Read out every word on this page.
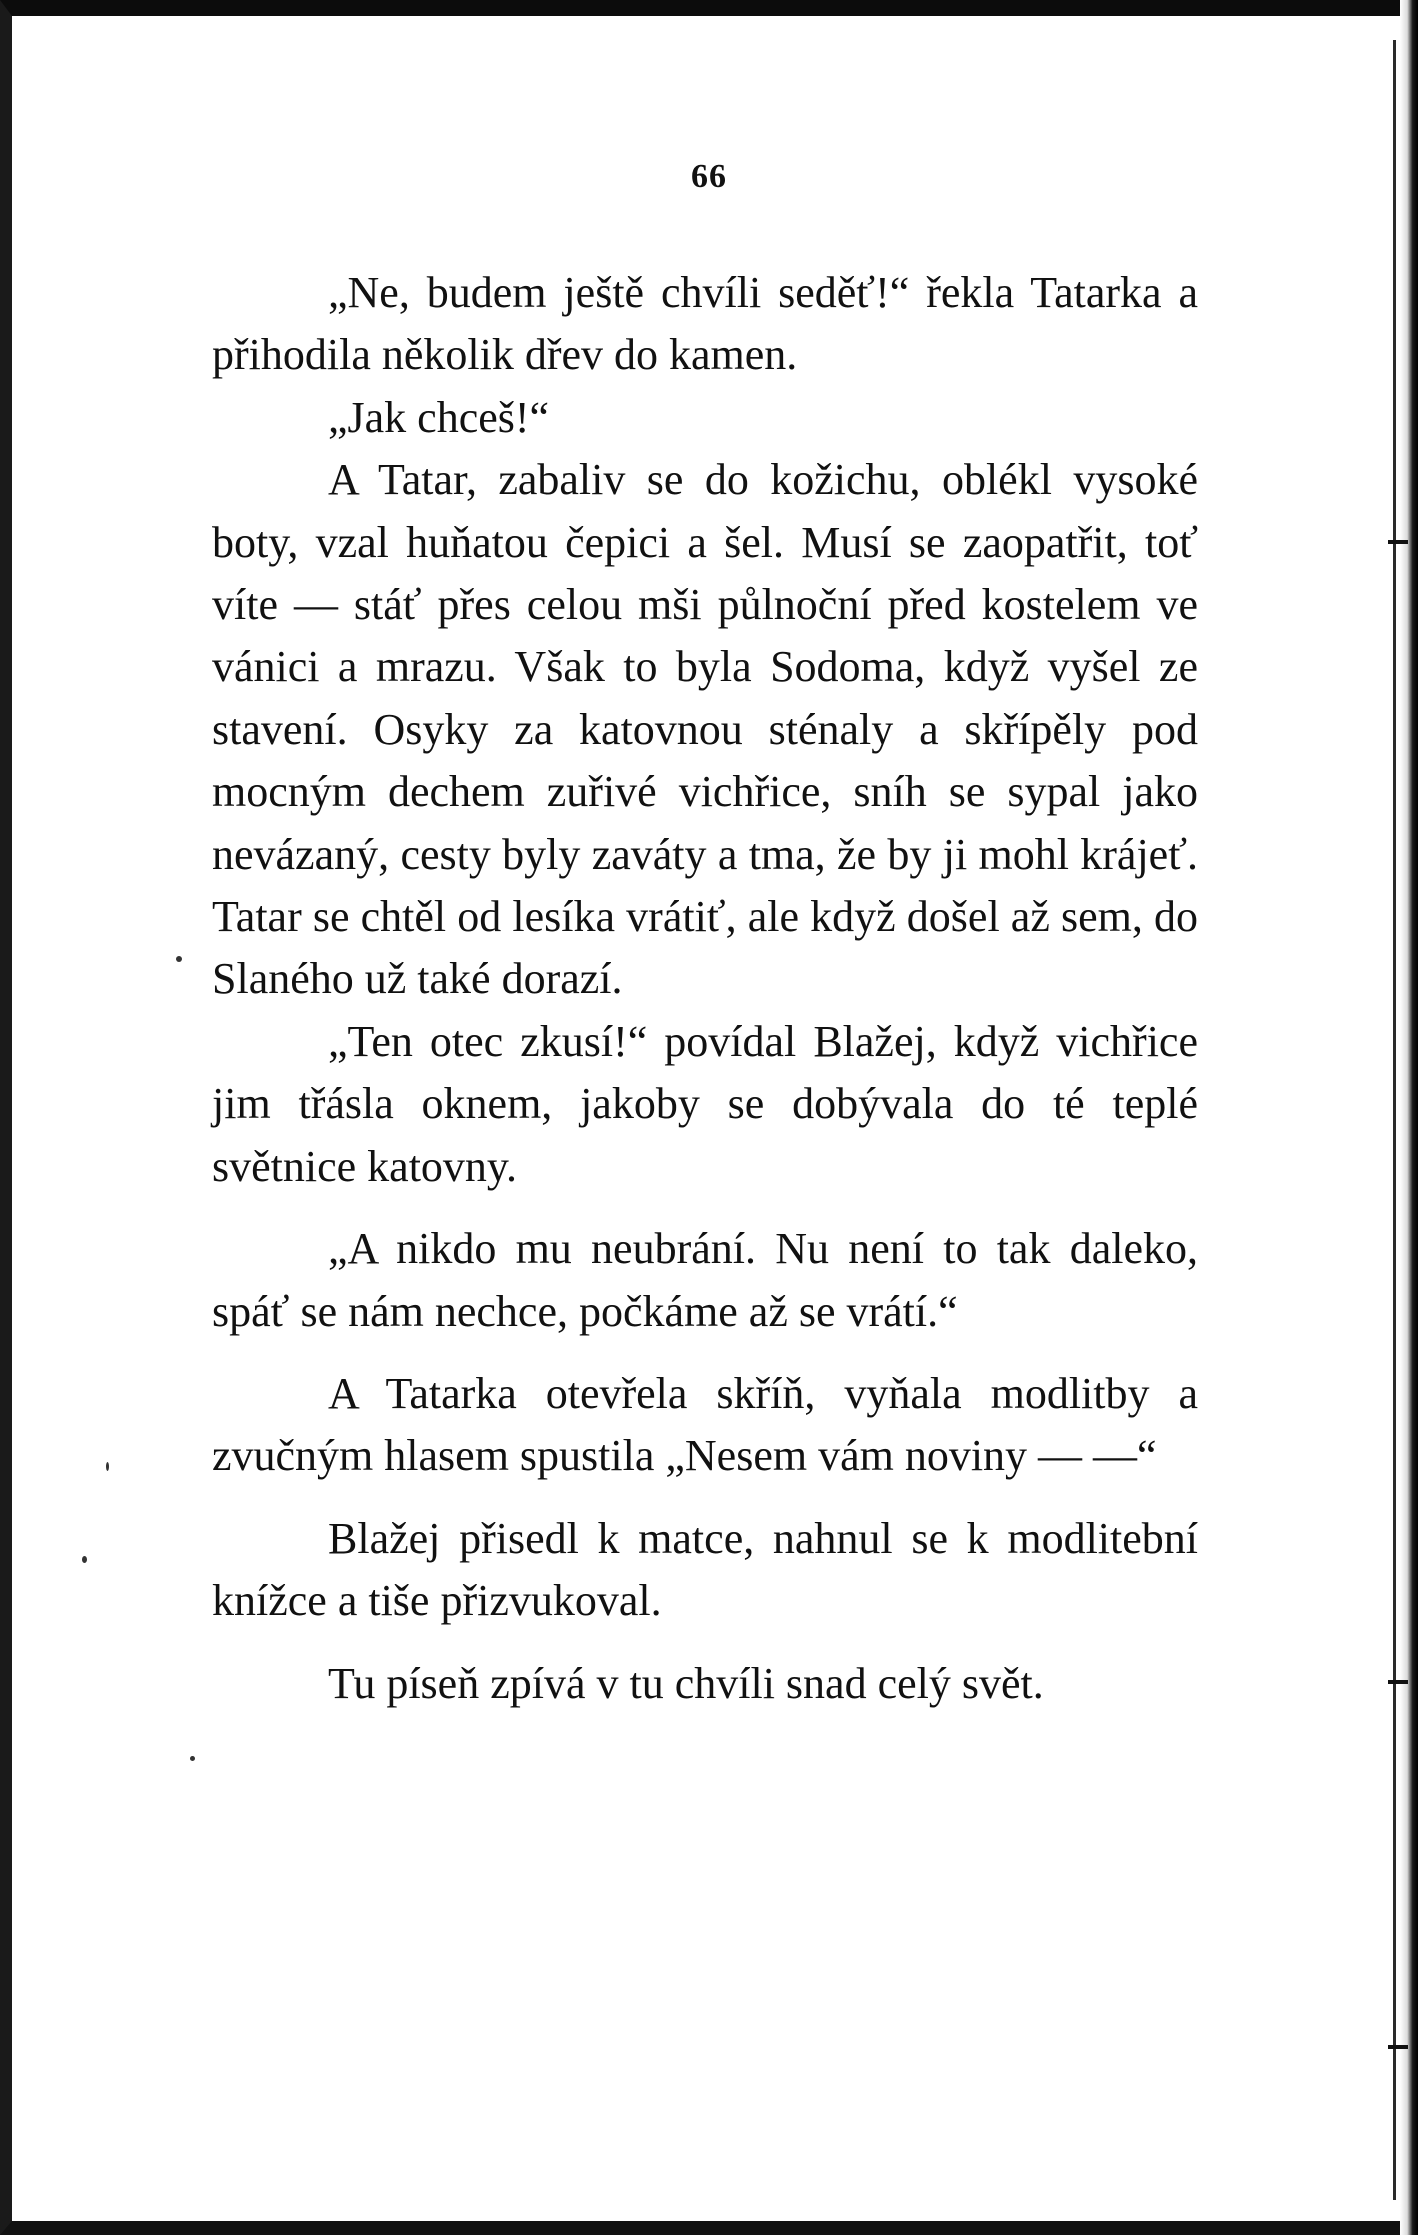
66

„Ne, budem ještě chvíli seděť!“ řekla Tatarka a přihodila několik dřev do kamen.

„Jak chceš!“

A Tatar, zabaliv se do kožichu, oblékl vysoké boty, vzal huňatou čepici a šel. Musí se zaopatřit, toť víte — stáť přes celou mši půlnoční před kostelem ve vánici a mrazu. Však to byla Sodoma, když vyšel ze stavení. Osyky za katovnou sténaly a skřípěly pod mocným dechem zuřivé vichřice, sníh se sypal jako nevázaný, cesty byly zaváty a tma, že by ji mohl krájeť. Tatar se chtěl od lesíka vrátiť, ale když došel až sem, do Slaného už také dorazí.

„Ten otec zkusí!“ povídal Blažej, když vichřice jim třásla oknem, jakoby se dobývala do té teplé světnice katovny.

„A nikdo mu neubrání. Nu není to tak daleko, spáť se nám nechce, počkáme až se vrátí.“

A Tatarka otevřela skříň, vyňala modlitby a zvučným hlasem spustila „Nesem vám noviny — —“

Blažej přisedl k matce, nahnul se k modlitební knížce a tiše přizvukoval.

Tu píseň zpívá v tu chvíli snad celý svět.
